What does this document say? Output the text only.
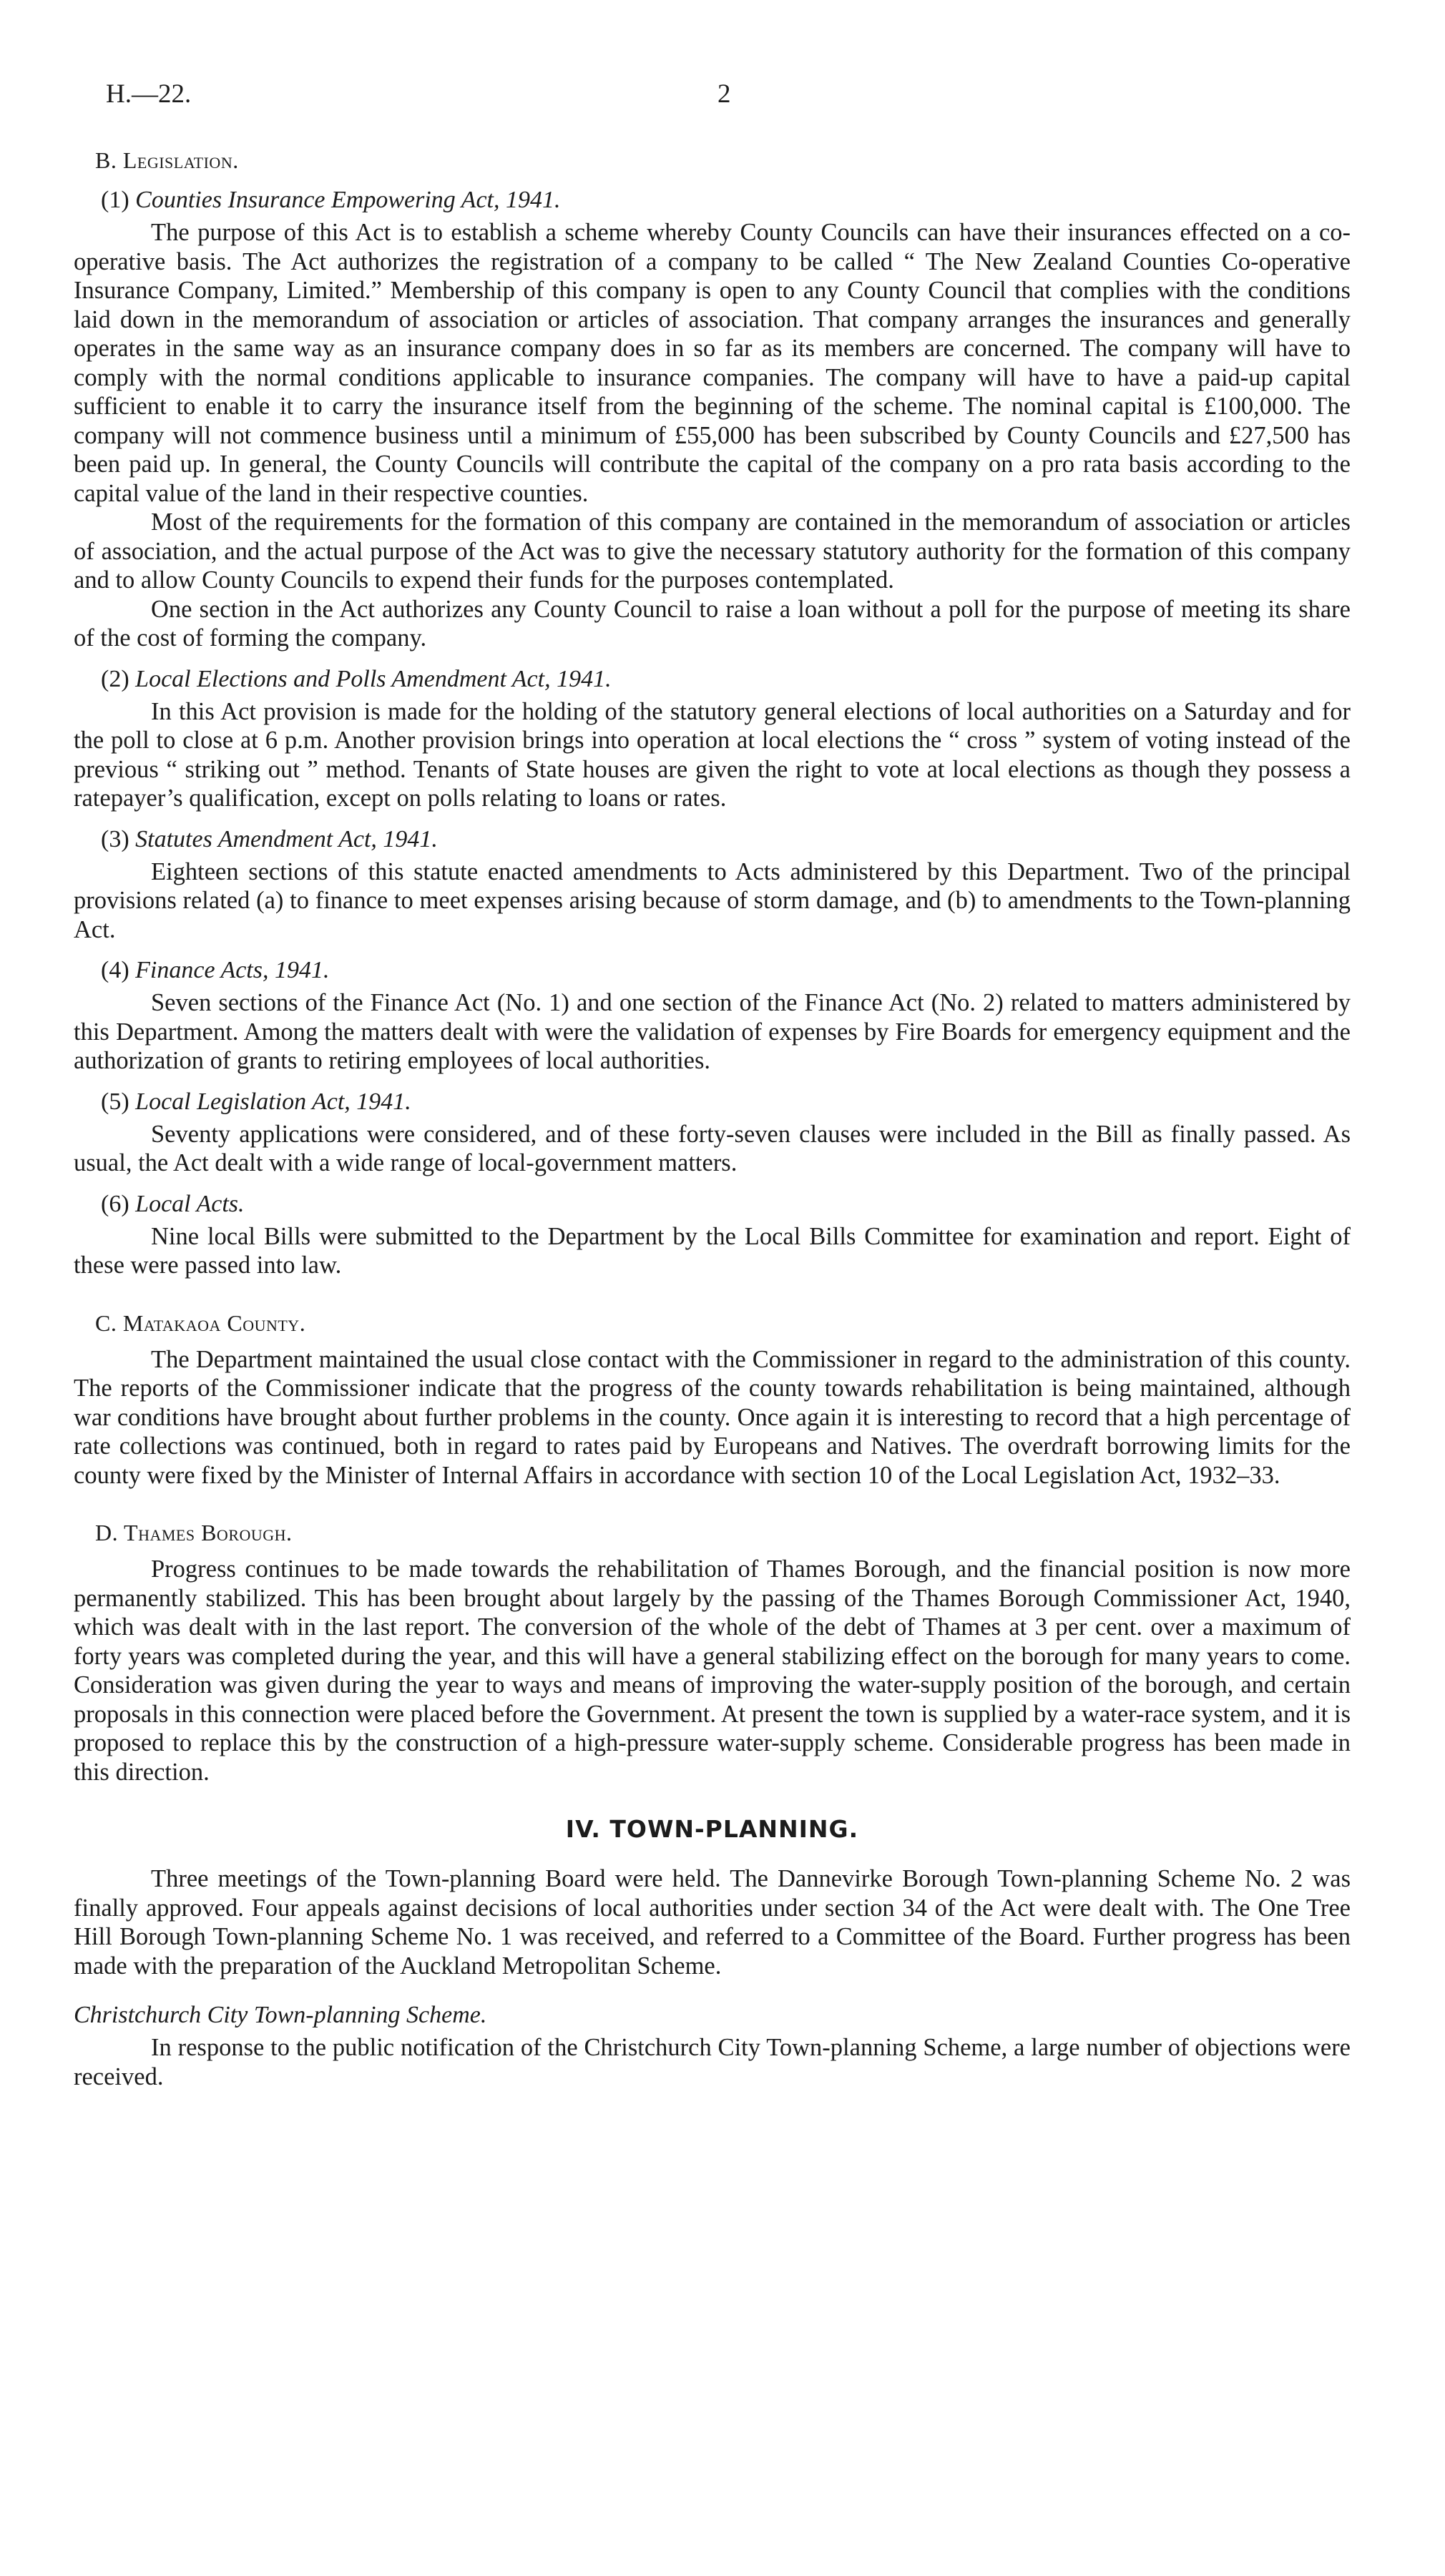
H.—22.	2
B. Legislation.
(1) Counties Insurance Empowering Act, 1941.

The purpose of this Act is to establish a scheme whereby County Councils can have their insurances effected on a co-operative basis. The Act authorizes the registration of a company to be called “ The New Zealand Counties Co-operative Insurance Company, Limited.” Membership of this company is open to any County Council that complies with the conditions laid down in the memorandum of association or articles of association. That company arranges the insurances and generally operates in the same way as an insurance company does in so far as its members are concerned. The company will have to comply with the normal conditions applicable to insurance companies. The company will have to have a paid-up capital sufficient to enable it to carry the insurance itself from the beginning of the scheme. The nominal capital is £100,000. The company will not commence business until a minimum of £55,000 has been subscribed by County Councils and £27,500 has been paid up. In general, the County Councils will contribute the capital of the company on a pro rata basis according to the capital value of the land in their respective counties.

Most of the requirements for the formation of this company are contained in the memorandum of association or articles of association, and the actual purpose of the Act was to give the necessary statutory authority for the formation of this company and to allow County Councils to expend their funds for the purposes contemplated.

One section in the Act authorizes any County Council to raise a loan without a poll for the purpose of meeting its share of the cost of forming the company.

(2) Local Elections and Polls Amendment Act, 1941.

In this Act provision is made for the holding of the statutory general elections of local authorities on a Saturday and for the poll to close at 6 p.m. Another provision brings into operation at local elections the “ cross ” system of voting instead of the previous “ striking out ” method. Tenants of State houses are given the right to vote at local elections as though they possess a ratepayer’s qualification, except on polls relating to loans or rates.

(3) Statutes Amendment Act, 1941.

Eighteen sections of this statute enacted amendments to Acts administered by this Department. Two of the principal provisions related (a) to finance to meet expenses arising because of storm damage, and (b) to amendments to the Town-planning Act.

(4) Finance Acts, 1941.

Seven sections of the Finance Act (No. 1) and one section of the Finance Act (No. 2) related to matters administered by this Department. Among the matters dealt with were the validation of expenses by Fire Boards for emergency equipment and the authorization of grants to retiring employees of local authorities.

(5) Local Legislation Act, 1941.

Seventy applications were considered, and of these forty-seven clauses were included in the Bill as finally passed. As usual, the Act dealt with a wide range of local-government matters.

(6) Local Acts.

Nine local Bills were submitted to the Department by the Local Bills Committee for examination and report. Eight of these were passed into law.

C. Matakaoa County.

The Department maintained the usual close contact with the Commissioner in regard to the administration of this county. The reports of the Commissioner indicate that the progress of the county towards rehabilitation is being maintained, although war conditions have brought about further problems in the county. Once again it is interesting to record that a high percentage of rate collections was continued, both in regard to rates paid by Europeans and Natives. The overdraft borrowing limits for the county were fixed by the Minister of Internal Affairs in accordance with section 10 of the Local Legislation Act, 1932–33.

D. Thames Borough.

Progress continues to be made towards the rehabilitation of Thames Borough, and the financial position is now more permanently stabilized. This has been brought about largely by the passing of the Thames Borough Commissioner Act, 1940, which was dealt with in the last report. The conversion of the whole of the debt of Thames at 3 per cent. over a maximum of forty years was completed during the year, and this will have a general stabilizing effect on the borough for many years to come. Consideration was given during the year to ways and means of improving the water-supply position of the borough, and certain proposals in this connection were placed before the Government. At present the town is supplied by a water-race system, and it is proposed to replace this by the construction of a high-pressure water-supply scheme. Considerable progress has been made in this direction.

IV. TOWN-PLANNING.

Three meetings of the Town-planning Board were held. The Dannevirke Borough Town-planning Scheme No. 2 was finally approved. Four appeals against decisions of local authorities under section 34 of the Act were dealt with. The One Tree Hill Borough Town-planning Scheme No. 1 was received, and referred to a Committee of the Board. Further progress has been made with the preparation of the Auckland Metropolitan Scheme.

Christchurch City Town-planning Scheme.

In response to the public notification of the Christchurch City Town-planning Scheme, a large number of objections were received.
